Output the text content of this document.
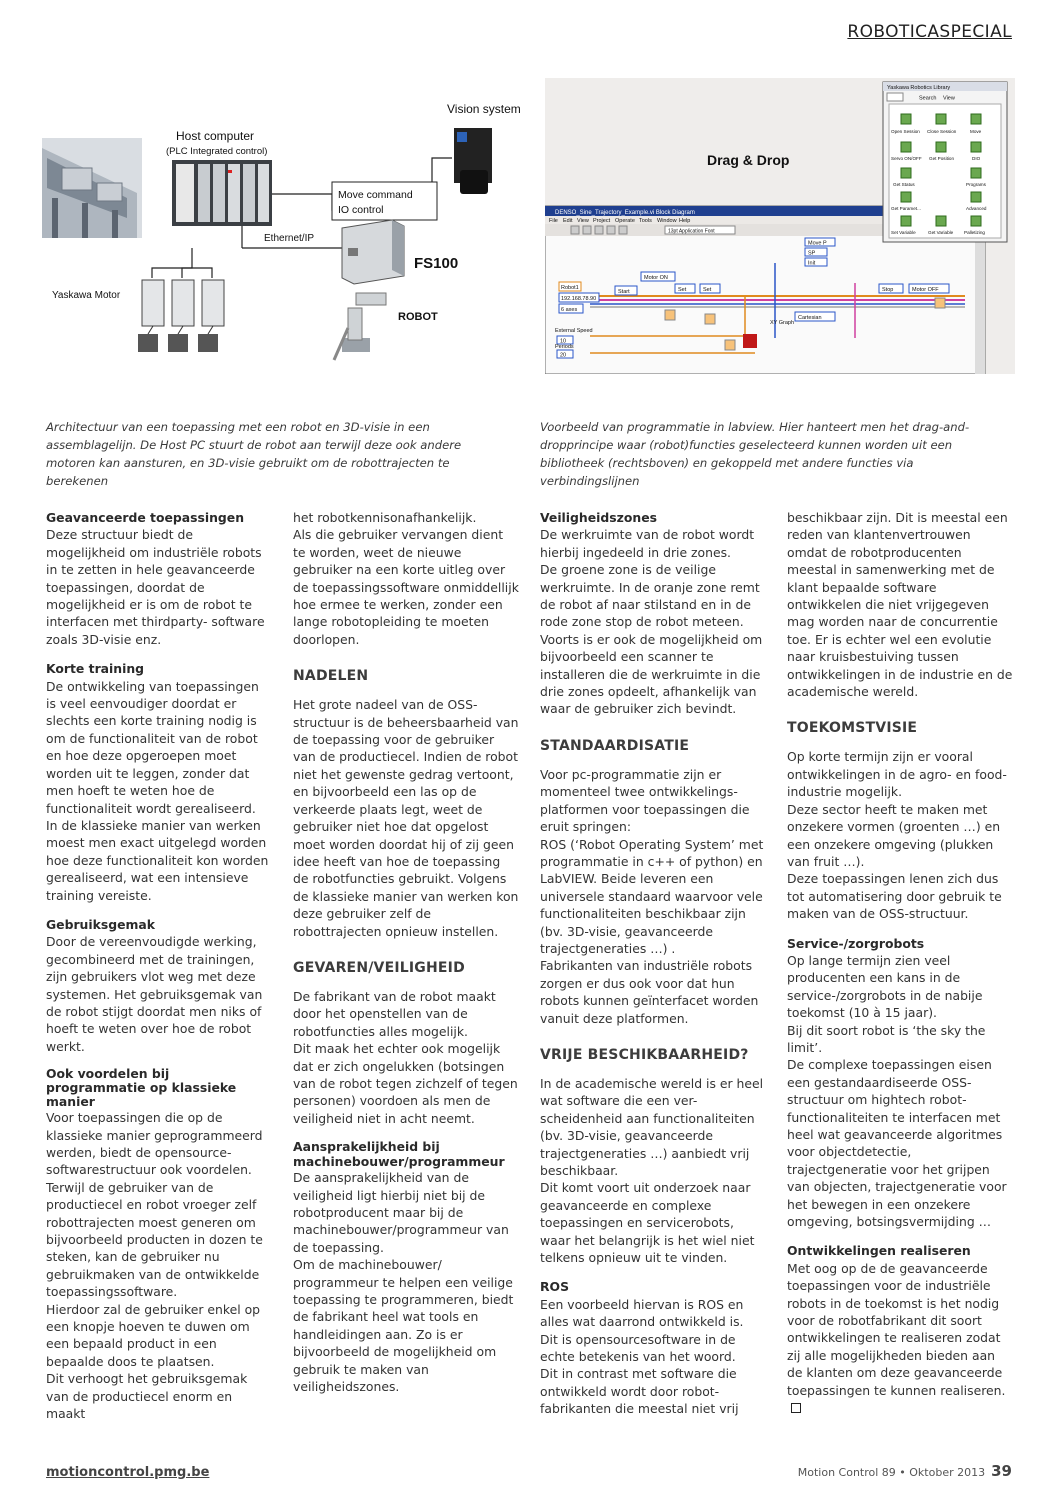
ROBOTICASPECIAL
Host computer
(PLC Integrated control)
Vision system
Move command
IO control
Ethernet/IP
FS100
ROBOT
Yaskawa Motor
Drag & Drop
DENSO_Sine_Trajectory_Example.vi Block Diagram
File Edit View Project Operate Tools Window Help
13pt Application Font
Robot1
192.168.78.90
6 axes
Motor ON
Start	Set	Set
Move P
SP
Init
Stop	Motor OFF
Cartesian
XY Graph
External Speed
10
Periods
20
Yaskawa Robotics Library
Search View
Open Session Close Session	Move
Servo ON/OFF Get Position	DIO
Get Status	Programs
Get Paramet...	Advanced
Set Variable	Get Variable Palletizing
Architectuur van een toepassing met een robot en 3D-visie in een assemblagelijn. De Host PC stuurt de robot aan terwijl deze ook andere motoren kan aansturen, en 3D-visie gebruikt om de robottrajecten te berekenen
Voorbeeld van programmatie in labview. Hier hanteert men het drag-and-dropprincipe waar (robot)functies geselecteerd kunnen worden uit een bibliotheek (rechtsboven) en gekoppeld met andere functies via verbindingslijnen

Geavanceerde toepassingen

Deze structuur biedt de mogelijkheid om industriële robots in te zetten in hele geavanceerde toepassingen, doordat de mogelijkheid er is om de robot te interfacen met thirdparty- software zoals 3D-visie enz.

Korte training

De ontwikkeling van toepassingen is veel eenvoudiger doordat er slechts een korte training nodig is om de functionaliteit van de robot en hoe deze opgeroepen moet worden uit te leggen, zonder dat men hoeft te weten hoe de functionaliteit wordt gerealiseerd.

In de klassieke manier van werken moest men exact uitgelegd worden hoe deze functionaliteit kon worden gerealiseerd, wat een intensieve training vereiste.

Gebruiksgemak

Door de vereenvoudigde werking, gecombineerd met de trainingen, zijn gebruikers vlot weg met deze systemen. Het gebruiksgemak van de robot stijgt doordat men niks of hoeft te weten over hoe de robot werkt.

Ook voordelen bij programmatie op klassieke manier

Voor toepassingen die op de klassieke manier geprogrammeerd werden, biedt de opensource-softwarestructuur ook voordelen. Terwijl de gebruiker van de productiecel en robot vroeger zelf robottrajecten moest generen om bijvoorbeeld producten in dozen te steken, kan de gebruiker nu gebruikmaken van de ontwikkelde toepassingssoftware.

Hierdoor zal de gebruiker enkel op een knopje hoeven te duwen om een bepaald product in een bepaalde doos te plaatsen.

Dit verhoogt het gebruiksgemak van de productiecel enorm en maakt

het robotkennisonafhankelijk.

Als die gebruiker vervangen dient te worden, weet de nieuwe gebruiker na een korte uitleg over de toepassingssoftware onmiddellijk hoe ermee te werken, zonder een lange robotopleiding te moeten doorlopen.

NADELEN

Het grote nadeel van de OSS-structuur is de beheersbaarheid van de toepassing voor de gebruiker van de productiecel. Indien de robot niet het gewenste gedrag vertoont, en bijvoorbeeld een las op de verkeerde plaats legt, weet de gebruiker niet hoe dat opgelost moet worden doordat hij of zij geen idee heeft van hoe de toepassing de robotfuncties gebruikt. Volgens de klassieke manier van werken kon deze gebruiker zelf de robottrajecten opnieuw instellen.

GEVAREN/VEILIGHEID

De fabrikant van de robot maakt door het openstellen van de robotfuncties alles mogelijk.

Dit maak het echter ook mogelijk dat er zich ongelukken (botsingen van de robot tegen zichzelf of tegen personen) voordoen als men de veiligheid niet in acht neemt.

Aansprakelijkheid bij machinebouwer/programmeur

De aansprakelijkheid van de veiligheid ligt hierbij niet bij de robotproducent maar bij de machinebouwer/programmeur van de toepassing.

Om de machinebouwer/ programmeur te helpen een veilige toepassing te programmeren, biedt de fabrikant heel wat tools en handleidingen aan. Zo is er bijvoorbeeld de mogelijkheid om gebruik te maken van veiligheidszones.

Veiligheidszones

De werkruimte van de robot wordt hierbij ingedeeld in drie zones.

De groene zone is de veilige werkruimte. In de oranje zone remt de robot af naar stilstand en in de rode zone stop de robot meteen.

Voorts is er ook de mogelijkheid om bijvoorbeeld een scanner te installeren die de werkruimte in die drie zones opdeelt, afhankelijk van waar de gebruiker zich bevindt.

STANDAARDISATIE

Voor pc-programmatie zijn er momenteel twee ontwikkelings-platformen voor toepassingen die eruit springen:

ROS (‘Robot Operating System’ met programmatie in c++ of python) en LabVIEW. Beide leveren een universele standaard waarvoor vele functionaliteiten beschikbaar zijn (bv. 3D-visie, geavanceerde trajectgeneraties …) .

Fabrikanten van industriële robots zorgen er dus ook voor dat hun robots kunnen geïnterfacet worden vanuit deze platformen.

VRIJE BESCHIKBAARHEID?

In de academische wereld is er heel wat software die een ver-scheidenheid aan functionaliteiten (bv. 3D-visie, geavanceerde trajectgeneraties …) aanbiedt vrij beschikbaar.

Dit komt voort uit onderzoek naar geavanceerde en complexe toepassingen en servicerobots, waar het belangrijk is het wiel niet telkens opnieuw uit te vinden.

ROS

Een voorbeeld hiervan is ROS en alles wat daarrond ontwikkeld is.

Dit is opensourcesoftware in de echte betekenis van het woord.

Dit in contrast met software die ontwikkeld wordt door robot-fabrikanten die meestal niet vrij

beschikbaar zijn. Dit is meestal een reden van klantenvertrouwen omdat de robotproducenten meestal in samenwerking met de klant bepaalde software ontwikkelen die niet vrijgegeven mag worden naar de concurrentie toe. Er is echter wel een evolutie naar kruisbestuiving tussen ontwikkelingen in de industrie en de academische wereld.

TOEKOMSTVISIE

Op korte termijn zijn er vooral ontwikkelingen in de agro- en food-industrie mogelijk.

Deze sector heeft te maken met onzekere vormen (groenten …) en een onzekere omgeving (plukken van fruit …).

Deze toepassingen lenen zich dus tot automatisering door gebruik te maken van de OSS-structuur.

Service-/zorgrobots

Op lange termijn zien veel producenten een kans in de service-/zorgrobots in de nabije toekomst (10 à 15 jaar).

Bij dit soort robot is ‘the sky the limit’.

De complexe toepassingen eisen een gestandaardiseerde OSS-structuur om hightech robot-functionaliteiten te interfacen met heel wat geavanceerde algoritmes voor objectdetectie, trajectgeneratie voor het grijpen van objecten, trajectgeneratie voor het bewegen in een onzekere omgeving, botsingsvermijding …

Ontwikkelingen realiseren

Met oog op de de geavanceerde toepassingen voor de industriële robots in de toekomst is het nodig voor de robotfabrikant dit soort ontwikkelingen te realiseren zodat zij alle mogelijkheden bieden aan de klanten om deze geavanceerde toepassingen te kunnen realiseren.

motioncontrol.pmg.be	Motion Control 89 • Oktober 2013 39
